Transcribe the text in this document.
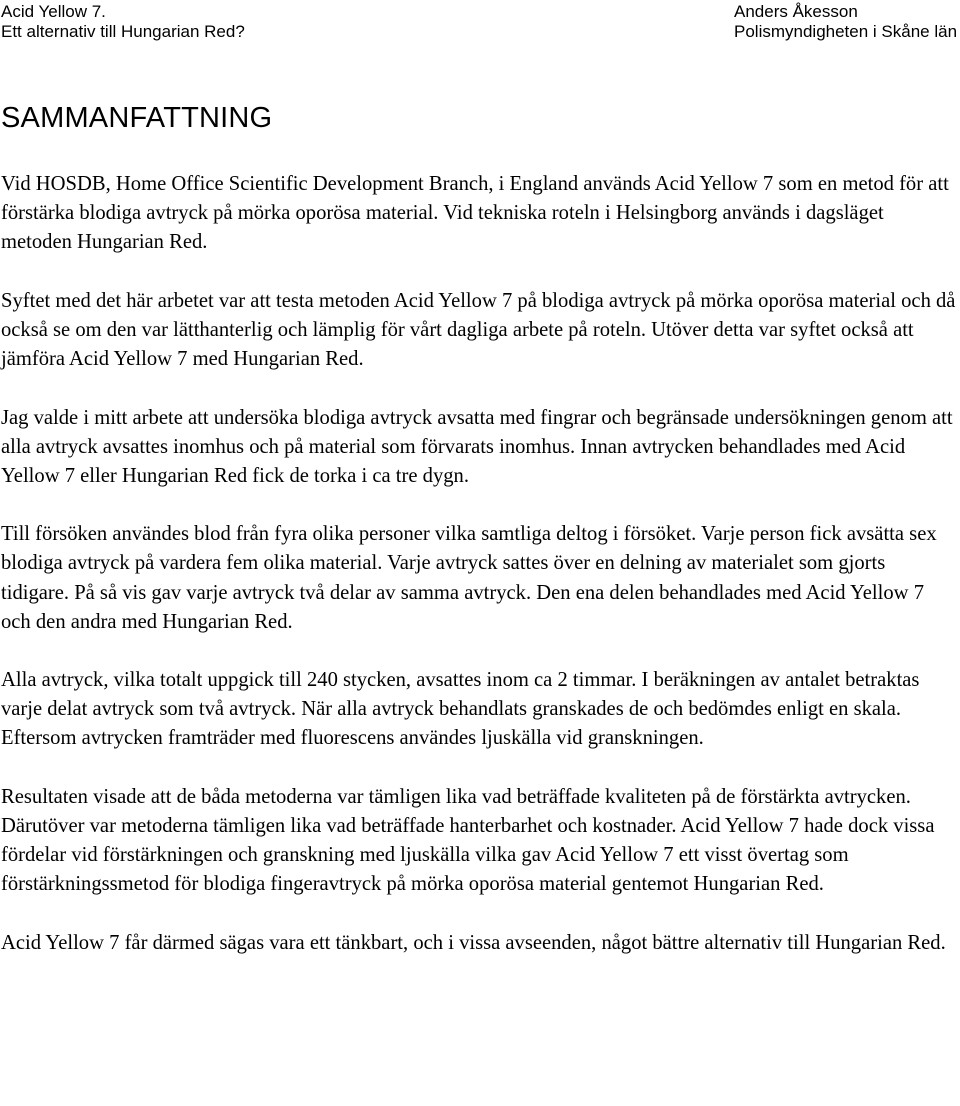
Acid Yellow 7.
Ett alternativ till Hungarian Red?
Anders Åkesson
Polismyndigheten i Skåne län
SAMMANFATTNING

Vid HOSDB, Home Office Scientific Development Branch, i England används Acid Yellow 7 som en metod för att förstärka blodiga avtryck på mörka oporösa material. Vid tekniska roteln i Helsingborg används i dagsläget metoden Hungarian Red.

Syftet med det här arbetet var att testa metoden Acid Yellow 7 på blodiga avtryck på mörka oporösa material och då också se om den var lätthanterlig och lämplig för vårt dagliga arbete på roteln. Utöver detta var syftet också att jämföra Acid Yellow 7 med Hungarian Red.

Jag valde i mitt arbete att undersöka blodiga avtryck avsatta med fingrar och begränsade undersökningen genom att alla avtryck avsattes inomhus och på material som förvarats inomhus. Innan avtrycken behandlades med Acid Yellow 7 eller Hungarian Red fick de torka i ca tre dygn.

Till försöken användes blod från fyra olika personer vilka samtliga deltog i försöket. Varje person fick avsätta sex blodiga avtryck på vardera fem olika material. Varje avtryck sattes över en delning av materialet som gjorts tidigare. På så vis gav varje avtryck två delar av samma avtryck. Den ena delen behandlades med Acid Yellow 7 och den andra med Hungarian Red.

Alla avtryck, vilka totalt uppgick till 240 stycken, avsattes inom ca 2 timmar. I beräkningen av antalet betraktas varje delat avtryck som två avtryck. När alla avtryck behandlats granskades de och bedömdes enligt en skala. Eftersom avtrycken framträder med fluorescens användes ljuskälla vid granskningen.

Resultaten visade att de båda metoderna var tämligen lika vad beträffade kvaliteten på de förstärkta avtrycken. Därutöver var metoderna tämligen lika vad beträffade hanterbarhet och kostnader. Acid Yellow 7 hade dock vissa fördelar vid förstärkningen och granskning med ljuskälla vilka gav Acid Yellow 7 ett visst övertag som förstärkningssmetod för blodiga fingeravtryck på mörka oporösa material gentemot Hungarian Red.

Acid Yellow 7 får därmed sägas vara ett tänkbart, och i vissa avseenden, något bättre alternativ till Hungarian Red.
